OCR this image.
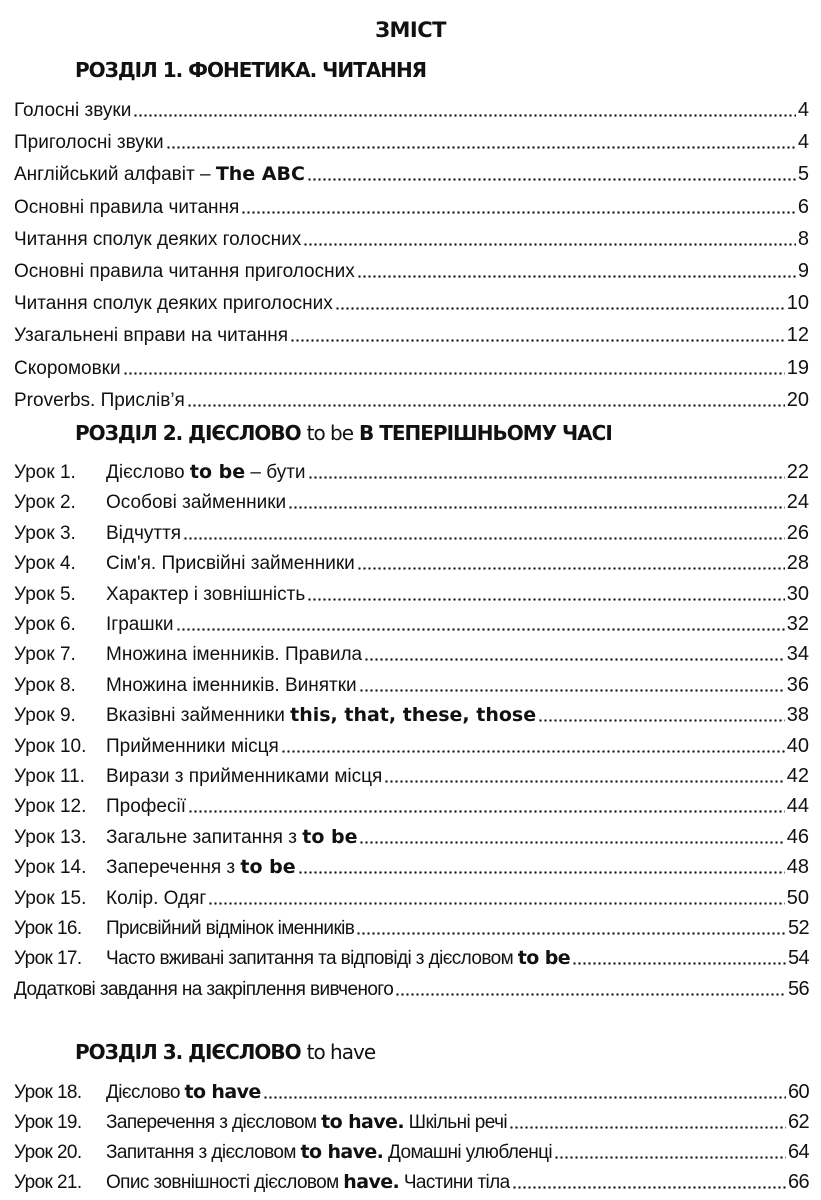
ЗМІСТ
РОЗДІЛ 1. ФОНЕТИКА. ЧИТАННЯ
Голосні звуки	4
Приголосні звуки	4
Англійський алфавіт – The ABC	5
Основні правила читання	6
Читання сполук деяких голосних	8
Основні правила читання приголосних	9
Читання сполук деяких приголосних	10
Узагальнені вправи на читання	12
Скоромовки	19
Proverbs. Прислів’я	20
РОЗДІЛ 2. ДІЄСЛОВО to be В ТЕПЕРІШНЬОМУ ЧАСІ
Урок 1.	Дієслово to be – бути	22
Урок 2.	Особові займенники	24
Урок 3.	Відчуття	26
Урок 4.	Сім'я. Присвійні займенники	28
Урок 5.	Характер і зовнішність	30
Урок 6.	Іграшки	32
Урок 7.	Множина іменників. Правила	34
Урок 8.	Множина іменників. Винятки	36
Урок 9.	Вказівні займенники this, that, these, those	38
Урок 10.	Прийменники місця	40
Урок 11.	Вирази з прийменниками місця	42
Урок 12.	Професії	44
Урок 13.	Загальне запитання з to be	46
Урок 14.	Заперечення з to be	48
Урок 15.	Колір. Одяг	50
Урок 16.	Присвійний відмінок іменників	52
Урок 17.	Часто вживані запитання та відповіді з дієсловом to be	54
Додаткові завдання на закріплення вивченого	56
РОЗДІЛ 3. ДІЄСЛОВО to have
Урок 18.	Дієслово to have	60
Урок 19.	Заперечення з дієсловом to have. Шкільні речі	62
Урок 20.	Запитання з дієсловом to have. Домашні улюбленці	64
Урок 21.	Опис зовнішності дієсловом have. Частини тіла	66
